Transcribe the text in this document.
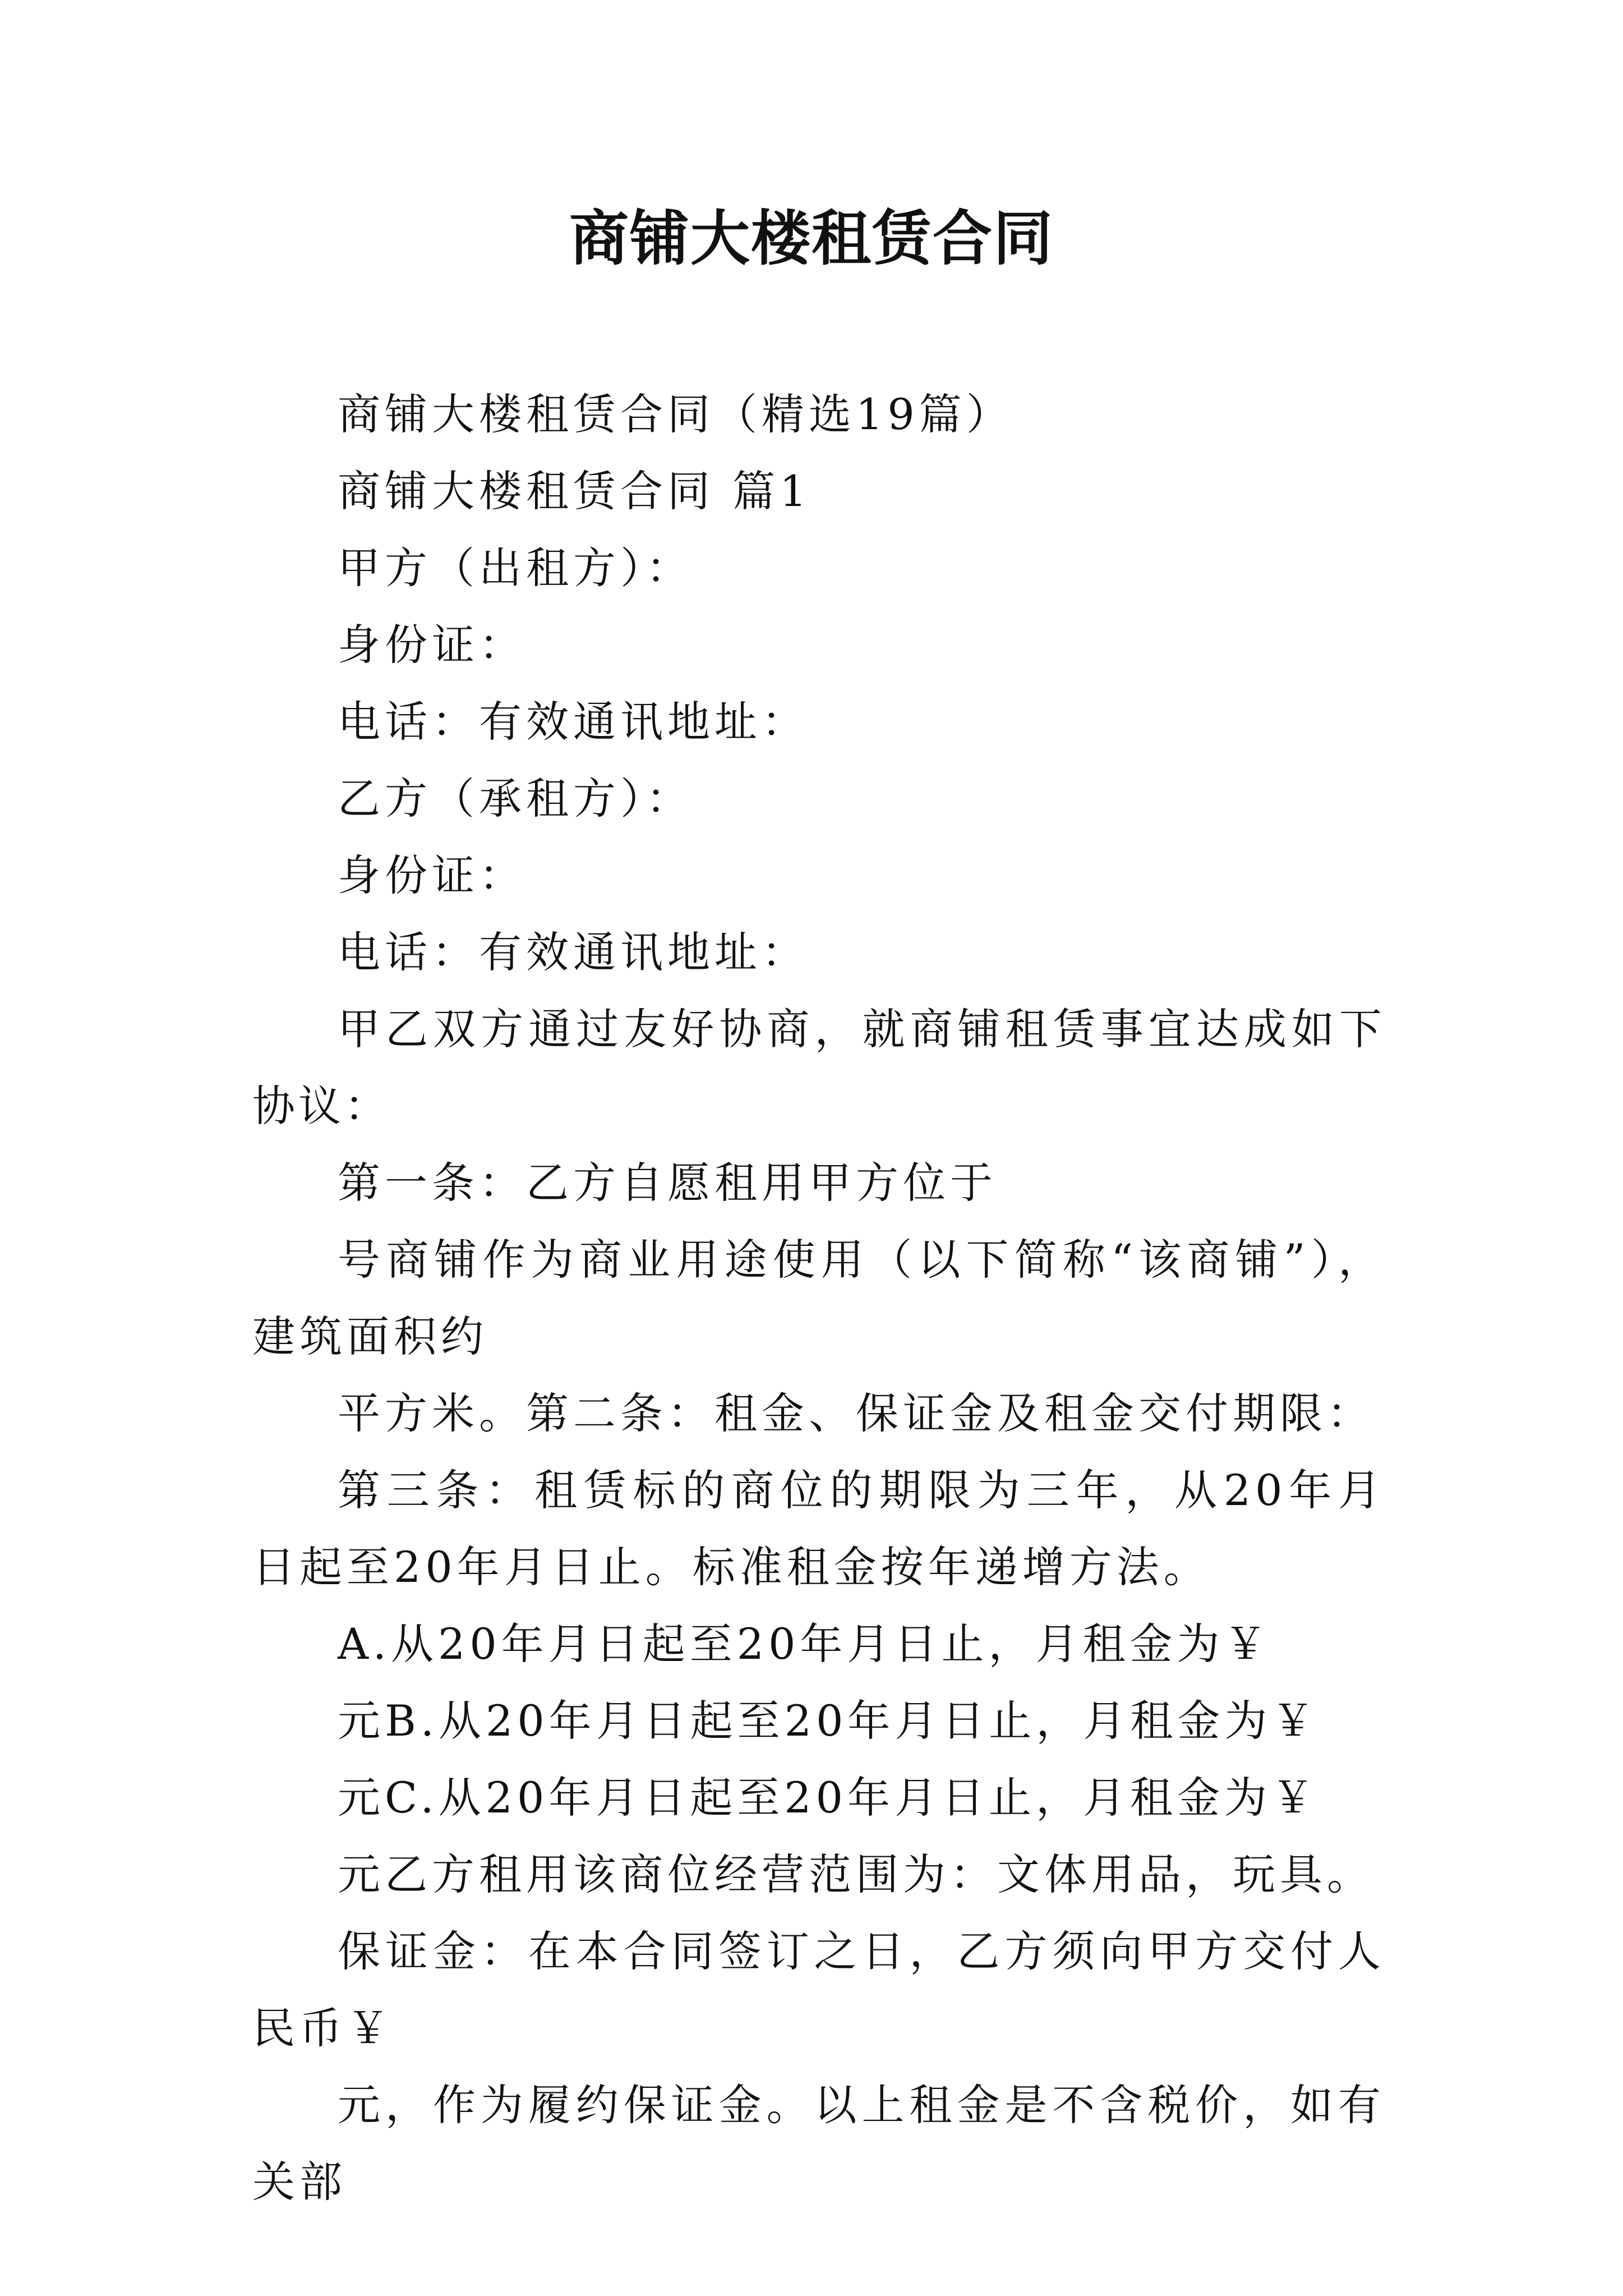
商铺大楼租赁合同

商铺大楼租赁合同（精选19篇）

商铺大楼租赁合同 篇1

甲方（出租方）：

身份证：

电话：有效通讯地址：

乙方（承租方）：

身份证：

电话：有效通讯地址：

甲乙双方通过友好协商，就商铺租赁事宜达成如下协议：

第一条：乙方自愿租用甲方位于

号商铺作为商业用途使用（以下简称“该商铺”），建筑面积约

平方米。第二条：租金、保证金及租金交付期限：

第三条：租赁标的商位的期限为三年，从20年月日起至20年月日止。标准租金按年递增方法。

A.从20年月日起至20年月日止，月租金为￥

元B.从20年月日起至20年月日止，月租金为￥

元C.从20年月日起至20年月日止，月租金为￥

元乙方租用该商位经营范围为：文体用品，玩具。

保证金：在本合同签订之日，乙方须向甲方交付人民币￥

元，作为履约保证金。以上租金是不含税价，如有关部
